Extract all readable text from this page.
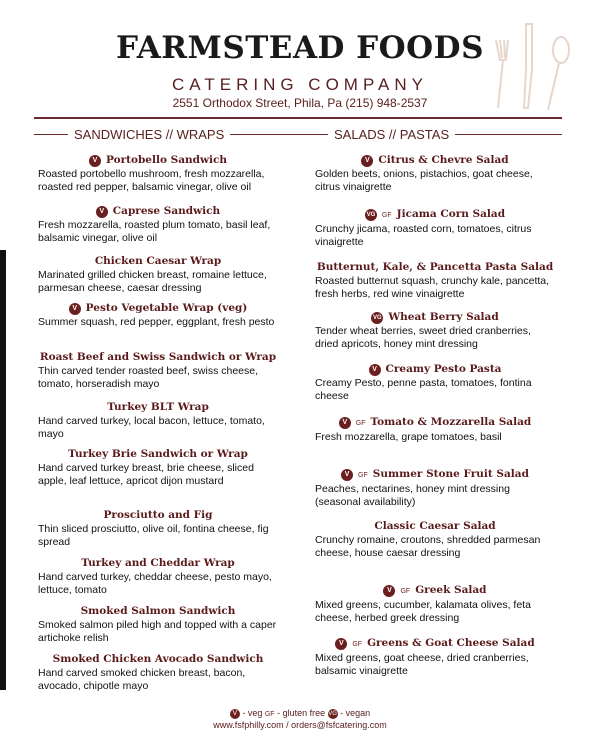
FARMSTEAD FOODS
CATERING COMPANY
2551 Orthodox Street, Phila, Pa (215) 948-2537
SANDWICHES // WRAPS	SALADS // PASTAS
V Portobello Sandwich
Roasted portobello mushroom, fresh mozzarella, roasted red pepper, balsamic vinegar, olive oil
V Caprese Sandwich
Fresh mozzarella, roasted plum tomato, basil leaf, balsamic vinegar, olive oil
Chicken Caesar Wrap
Marinated grilled chicken breast, romaine lettuce, parmesan cheese, caesar dressing
V Pesto Vegetable Wrap (veg)
Summer squash, red pepper, eggplant, fresh pesto
Roast Beef and Swiss Sandwich or Wrap
Thin carved tender roasted beef, swiss cheese, tomato, horseradish mayo
Turkey BLT Wrap
Hand carved turkey, local bacon, lettuce, tomato, mayo
Turkey Brie Sandwich or Wrap
Hand carved turkey breast, brie cheese, sliced apple, leaf lettuce, apricot dijon mustard
Prosciutto and Fig
Thin sliced prosciutto, olive oil, fontina cheese, fig spread
Turkey and Cheddar Wrap
Hand carved turkey, cheddar cheese, pesto mayo, lettuce, tomato
Smoked Salmon Sandwich
Smoked salmon piled high and topped with a caper artichoke relish
Smoked Chicken Avocado Sandwich
Hand carved smoked chicken breast, bacon, avocado, chipotle mayo
V Citrus & Chevre Salad
Golden beets, onions, pistachios, goat cheese, citrus vinaigrette
VG GF Jicama Corn Salad
Crunchy jicama, roasted corn, tomatoes, citrus vinaigrette
Butternut, Kale, & Pancetta Pasta Salad
Roasted butternut squash, crunchy kale, pancetta, fresh herbs, red wine vinaigrette
VG Wheat Berry Salad
Tender wheat berries, sweet dried cranberries, dried apricots, honey mint dressing
V Creamy Pesto Pasta
Creamy Pesto, penne pasta, tomatoes, fontina cheese
V GF Tomato & Mozzarella Salad
Fresh mozzarella, grape tomatoes, basil
V GF Summer Stone Fruit Salad
Peaches, nectarines, honey mint dressing (seasonal availability)
Classic Caesar Salad
Crunchy romaine, croutons, shredded parmesan cheese, house caesar dressing
V GF Greek Salad
Mixed greens, cucumber, kalamata olives, feta cheese, herbed greek dressing
V GF Greens & Goat Cheese Salad
Mixed greens, goat cheese, dried cranberries, balsamic vinaigrette
V - veg GF - gluten free VG - vegan
www.fsfphilly.com / orders@fsfcatering.com
